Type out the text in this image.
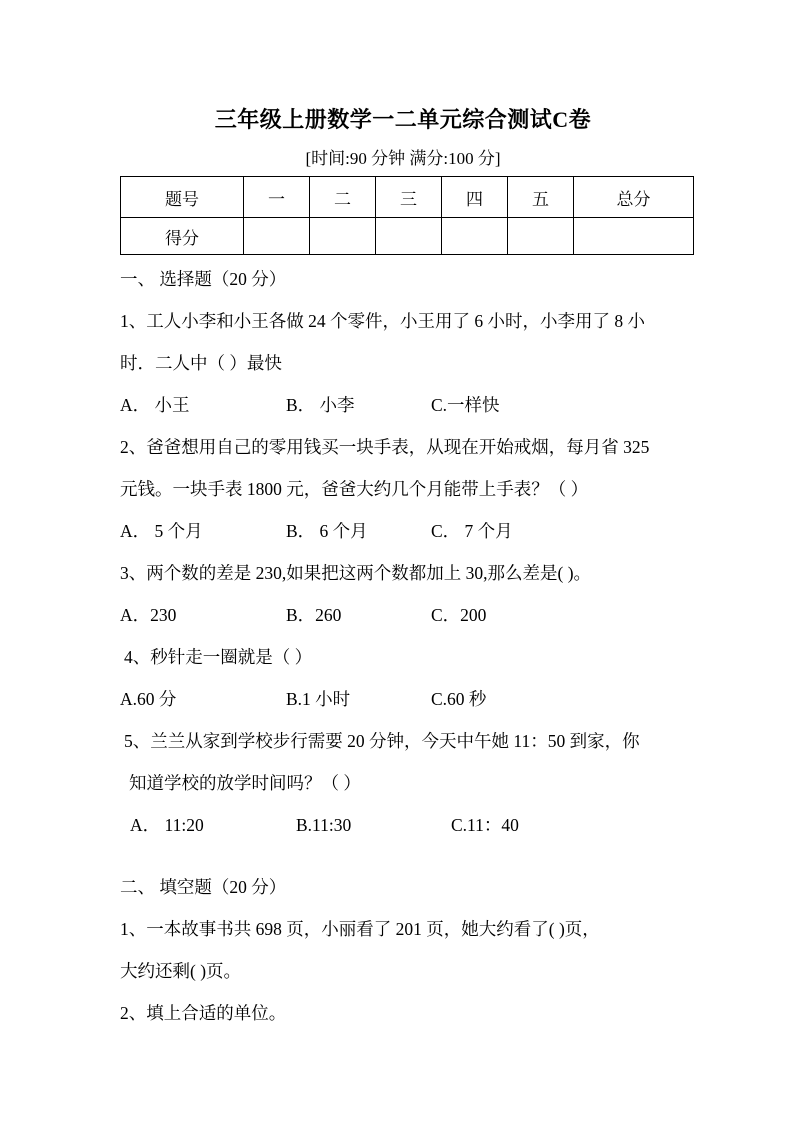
三年级上册数学一二单元综合测试C卷
[时间:90 分钟 满分:100 分]
题号	一	二	三	四	五	总分
得分						
一、 选择题（20 分）
1、工人小李和小王各做 24 个零件，小王用了 6 小时，小李用了 8 小
时．二人中（ ）最快
A． 小王	B． 小李	C.一样快
2、爸爸想用自己的零用钱买一块手表，从现在开始戒烟，每月省 325
元钱。一块手表 1800 元，爸爸大约几个月能带上手表？（ ）
A． 5 个月	B． 6 个月	C． 7 个月
3、两个数的差是 230,如果把这两个数都加上 30,那么差是( )。
A．230	B．260	C．200
4、秒针走一圈就是（ ）
A.60 分	B.1 小时	C.60 秒
5、兰兰从家到学校步行需要 20 分钟，今天中午她 11：50 到家，你
知道学校的放学时间吗？（ ）
A． 11:20	B.11:30	C.11：40
二、 填空题（20 分）
1、一本故事书共 698 页，小丽看了 201 页，她大约看了( )页，
大约还剩( )页。
2、填上合适的单位。
